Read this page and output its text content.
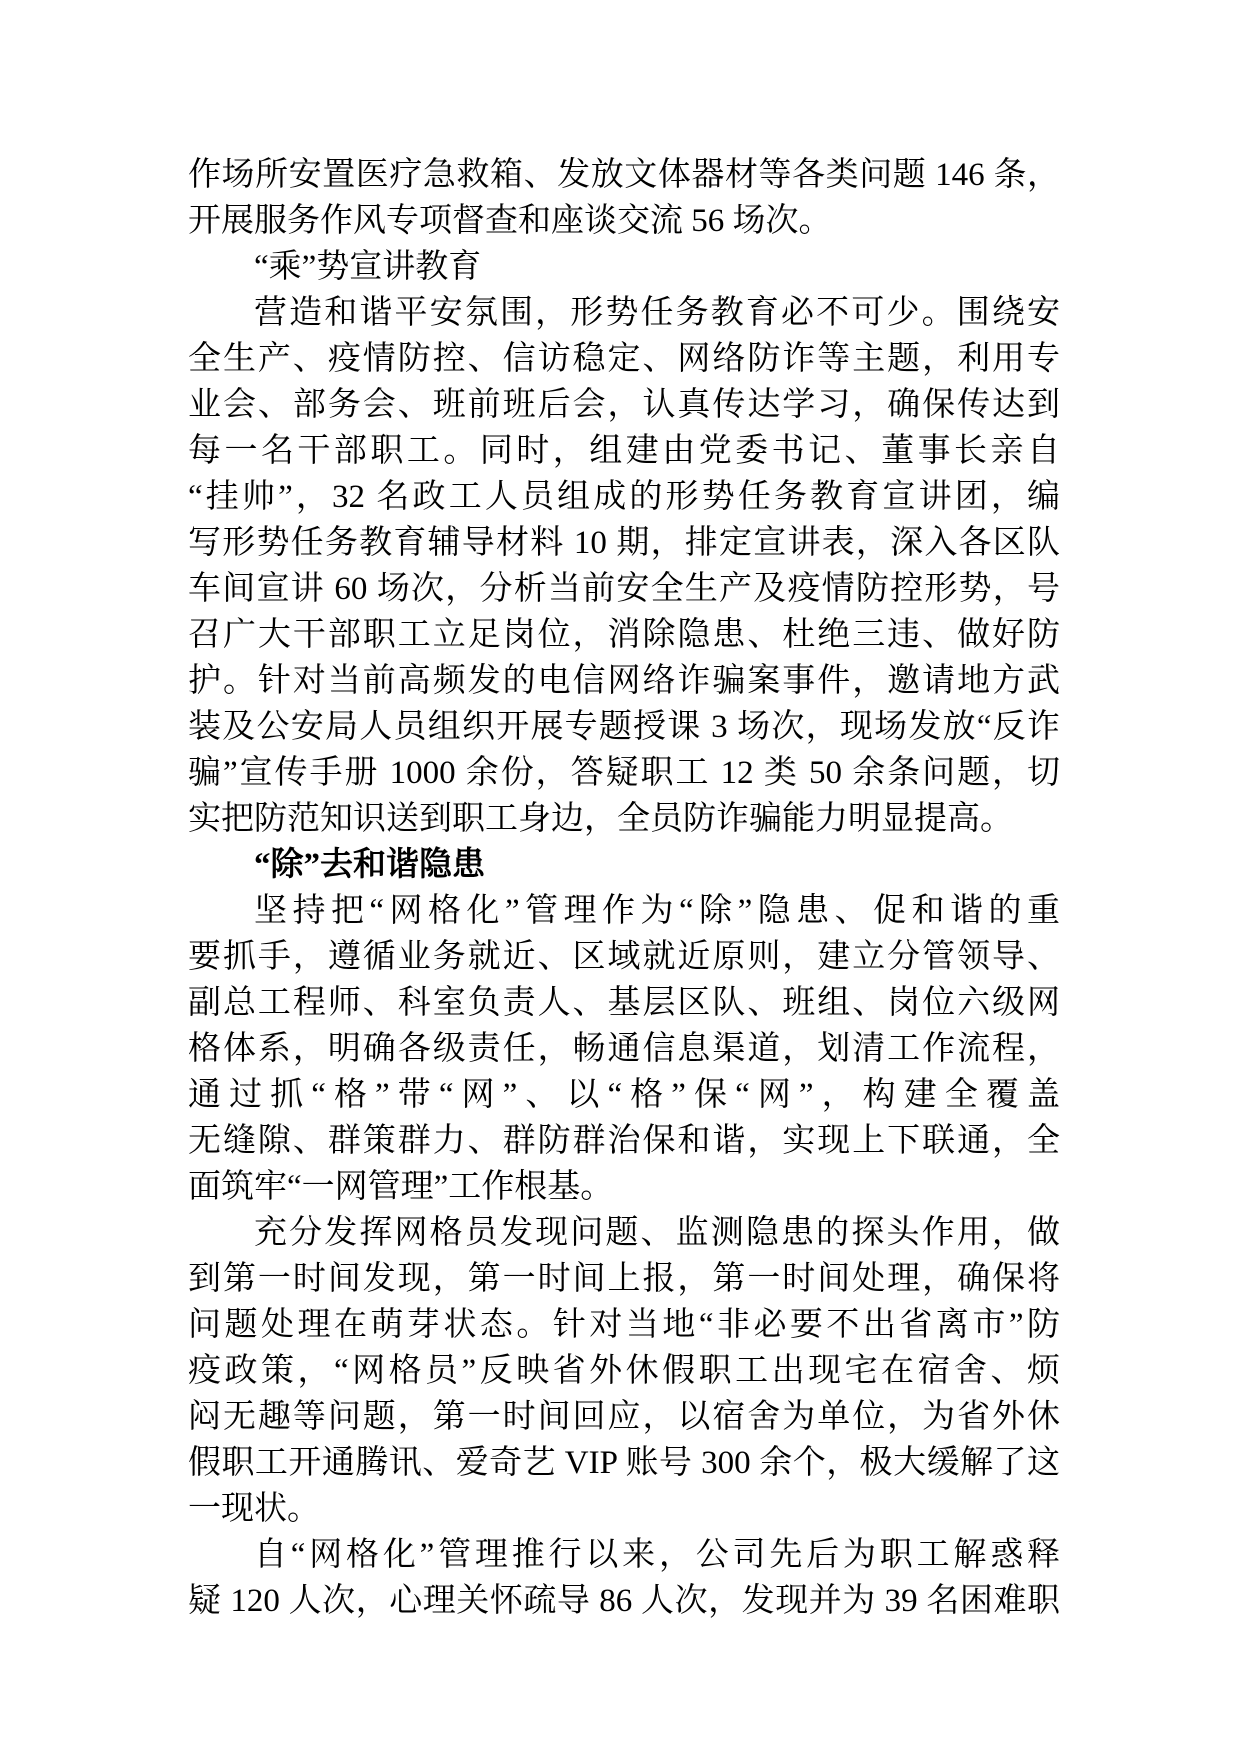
作场所安置医疗急救箱、发放文体器材等各类问题 146 条，
开展服务作风专项督查和座谈交流 56 场次。
“乘”势宣讲教育
营造和谐平安氛围，形势任务教育必不可少。围绕安
全生产、疫情防控、信访稳定、网络防诈等主题，利用专
业会、部务会、班前班后会，认真传达学习，确保传达到
每一名干部职工。同时，组建由党委书记、董事长亲自
“挂帅”，32 名政工人员组成的形势任务教育宣讲团，编
写形势任务教育辅导材料 10 期，排定宣讲表，深入各区队
车间宣讲 60 场次，分析当前安全生产及疫情防控形势，号
召广大干部职工立足岗位，消除隐患、杜绝三违、做好防
护。针对当前高频发的电信网络诈骗案事件，邀请地方武
装及公安局人员组织开展专题授课 3 场次，现场发放“反诈
骗”宣传手册 1000 余份，答疑职工 12 类 50 余条问题，切
实把防范知识送到职工身边，全员防诈骗能力明显提高。
“除”去和谐隐患
坚持把“网格化”管理作为“除”隐患、促和谐的重
要抓手，遵循业务就近、区域就近原则，建立分管领导、
副总工程师、科室负责人、基层区队、班组、岗位六级网
格体系，明确各级责任，畅通信息渠道，划清工作流程，
通过抓“格”带“网”、以“格”保“网”，构建全覆盖
无缝隙、群策群力、群防群治保和谐，实现上下联通，全
面筑牢“一网管理”工作根基。
充分发挥网格员发现问题、监测隐患的探头作用，做
到第一时间发现，第一时间上报，第一时间处理，确保将
问题处理在萌芽状态。针对当地“非必要不出省离市”防
疫政策，“网格员”反映省外休假职工出现宅在宿舍、烦
闷无趣等问题，第一时间回应，以宿舍为单位，为省外休
假职工开通腾讯、爱奇艺 VIP 账号 300 余个，极大缓解了这
一现状。
自“网格化”管理推行以来，公司先后为职工解惑释
疑 120 人次，心理关怀疏导 86 人次，发现并为 39 名困难职
